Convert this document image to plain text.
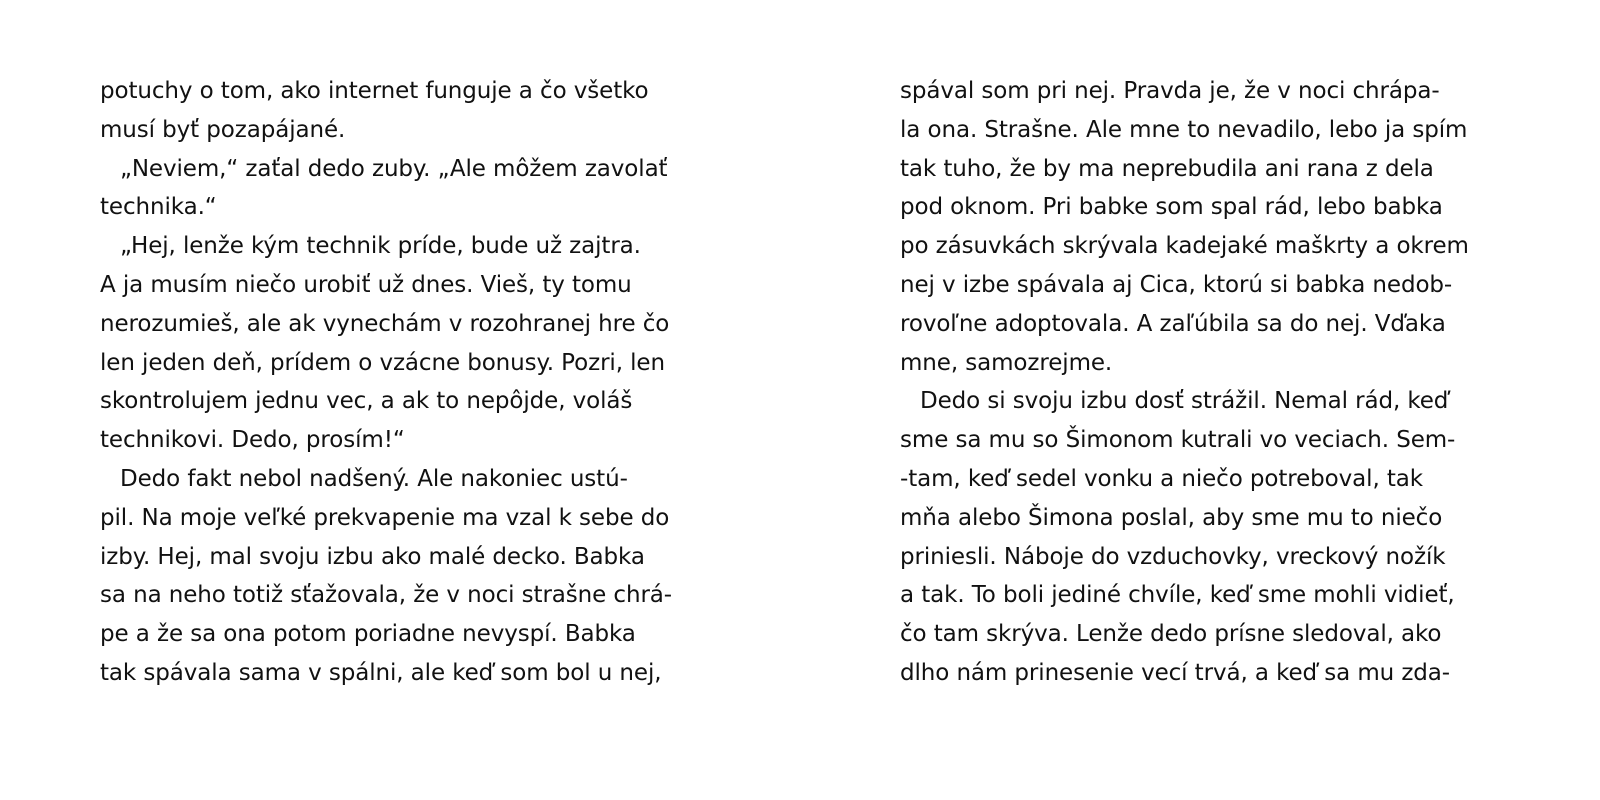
potuchy o tom, ako internet funguje a čo všetko
musí byť pozapájané.
„Neviem,“ zaťal dedo zuby. „Ale môžem zavolať
technika.“
„Hej, lenže kým technik príde, bude už zajtra.
A ja musím niečo urobiť už dnes. Vieš, ty tomu
nerozumieš, ale ak vynechám v rozohranej hre čo
len jeden deň, prídem o vzácne bonusy. Pozri, len
skontrolujem jednu vec, a ak to nepôjde, voláš
technikovi. Dedo, prosím!“
Dedo fakt nebol nadšený. Ale nakoniec ustú-
pil. Na moje veľké prekvapenie ma vzal k sebe do
izby. Hej, mal svoju izbu ako malé decko. Babka
sa na neho totiž sťažovala, že v noci strašne chrá-
pe a že sa ona potom poriadne nevyspí. Babka
tak spávala sama v spálni, ale keď som bol u nej,
spával som pri nej. Pravda je, že v noci chrápa-
la ona. Strašne. Ale mne to nevadilo, lebo ja spím
tak tuho, že by ma neprebudila ani rana z dela
pod oknom. Pri babke som spal rád, lebo babka
po zásuvkách skrývala kadejaké maškrty a okrem
nej v izbe spávala aj Cica, ktorú si babka nedob-
rovoľne adoptovala. A zaľúbila sa do nej. Vďaka
mne, samozrejme.
Dedo si svoju izbu dosť strážil. Nemal rád, keď
sme sa mu so Šimonom kutrali vo veciach. Sem-
-tam, keď sedel vonku a niečo potreboval, tak
mňa alebo Šimona poslal, aby sme mu to niečo
priniesli. Náboje do vzduchovky, vreckový nožík
a tak. To boli jediné chvíle, keď sme mohli vidieť,
čo tam skrýva. Lenže dedo prísne sledoval, ako
dlho nám prinesenie vecí trvá, a keď sa mu zda-
